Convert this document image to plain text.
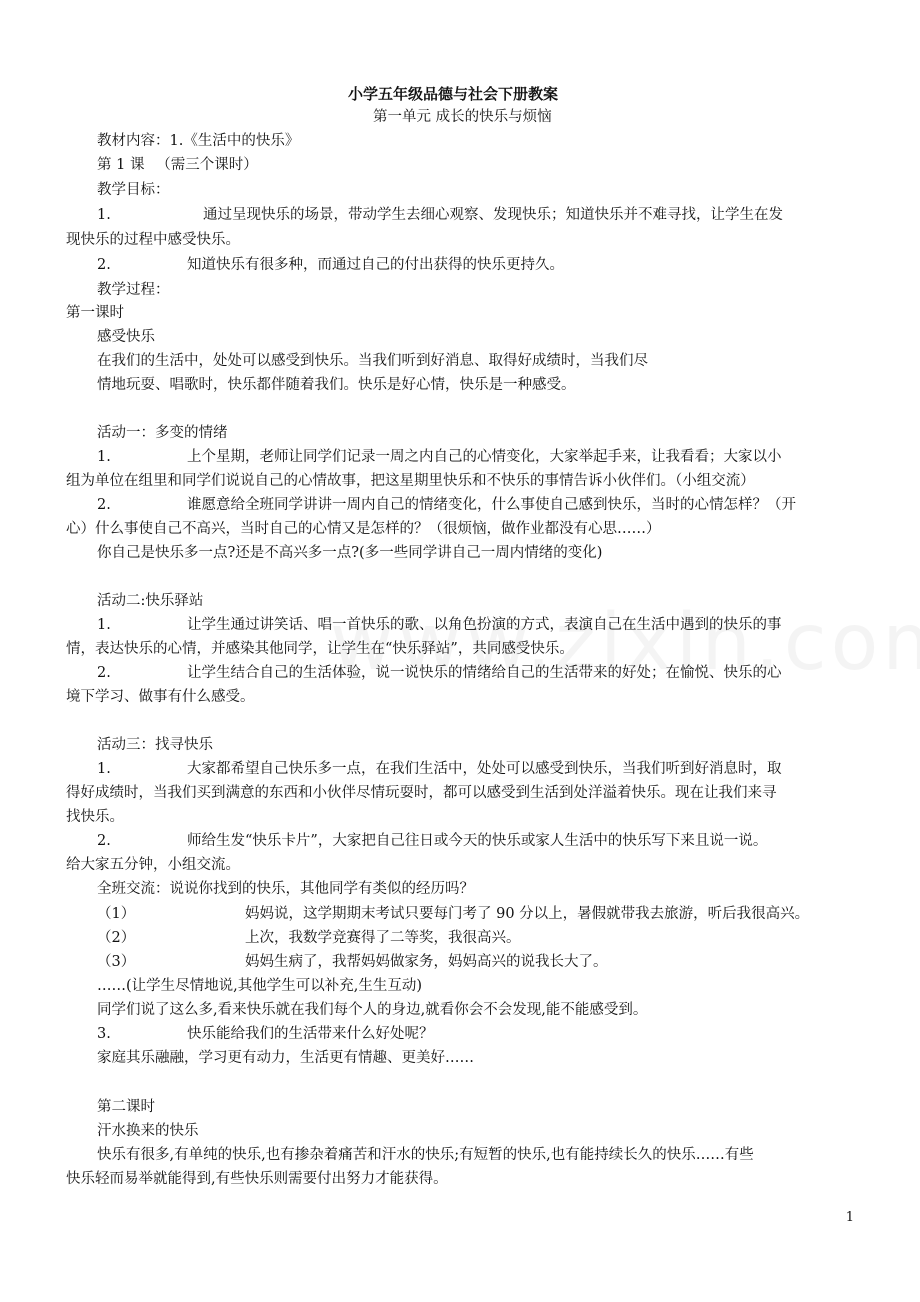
小学五年级品德与社会下册教案
第一单元 成长的快乐与烦恼
教材内容：1.《生活中的快乐》
第 1 课 　（需三个课时）
教学目标：
1.	通过呈现快乐的场景，带动学生去细心观察、发现快乐；知道快乐并不难寻找，让学生在发
现快乐的过程中感受快乐。
2.	知道快乐有很多种，而通过自己的付出获得的快乐更持久。
教学过程：
第一课时
感受快乐
在我们的生活中，处处可以感受到快乐。当我们听到好消息、取得好成绩时，当我们尽
情地玩耍、唱歌时，快乐都伴随着我们。快乐是好心情，快乐是一种感受。
活动一：多变的情绪
1.	上个星期，老师让同学们记录一周之内自己的心情变化，大家举起手来，让我看看；大家以小
组为单位在组里和同学们说说自己的心情故事，把这星期里快乐和不快乐的事情告诉小伙伴们。（小组交流）
2.	谁愿意给全班同学讲讲一周内自己的情绪变化，什么事使自己感到快乐，当时的心情怎样？（开
心）什么事使自己不高兴，当时自己的心情又是怎样的？（很烦恼，做作业都没有心思……）
你自己是快乐多一点?还是不高兴多一点?(多一些同学讲自己一周内情绪的变化)
活动二:快乐驿站
1.	让学生通过讲笑话、唱一首快乐的歌、以角色扮演的方式，表演自己在生活中遇到的快乐的事
情，表达快乐的心情，并感染其他同学，让学生在“快乐驿站”，共同感受快乐。
2.	让学生结合自己的生活体验，说一说快乐的情绪给自己的生活带来的好处；在愉悦、快乐的心
境下学习、做事有什么感受。
活动三：找寻快乐
1.	大家都希望自己快乐多一点，在我们生活中，处处可以感受到快乐，当我们听到好消息时，取
得好成绩时，当我们买到满意的东西和小伙伴尽情玩耍时，都可以感受到生活到处洋溢着快乐。现在让我们来寻
找快乐。
2.	师给生发“快乐卡片”，大家把自己往日或今天的快乐或家人生活中的快乐写下来且说一说。
给大家五分钟，小组交流。
全班交流：说说你找到的快乐，其他同学有类似的经历吗？
（1）	妈妈说，这学期期末考试只要每门考了 90 分以上，暑假就带我去旅游，听后我很高兴。
（2）	上次，我数学竞赛得了二等奖，我很高兴。
（3）	妈妈生病了，我帮妈妈做家务，妈妈高兴的说我长大了。
……(让学生尽情地说,其他学生可以补充,生生互动)
同学们说了这么多,看来快乐就在我们每个人的身边,就看你会不会发现,能不能感受到。
3.	快乐能给我们的生活带来什么好处呢？
家庭其乐融融，学习更有动力，生活更有情趣、更美好……
第二课时
汗水换来的快乐
快乐有很多,有单纯的快乐,也有掺杂着痛苦和汗水的快乐;有短暂的快乐,也有能持续长久的快乐……有些
快乐轻而易举就能得到,有些快乐则需要付出努力才能获得。
1
